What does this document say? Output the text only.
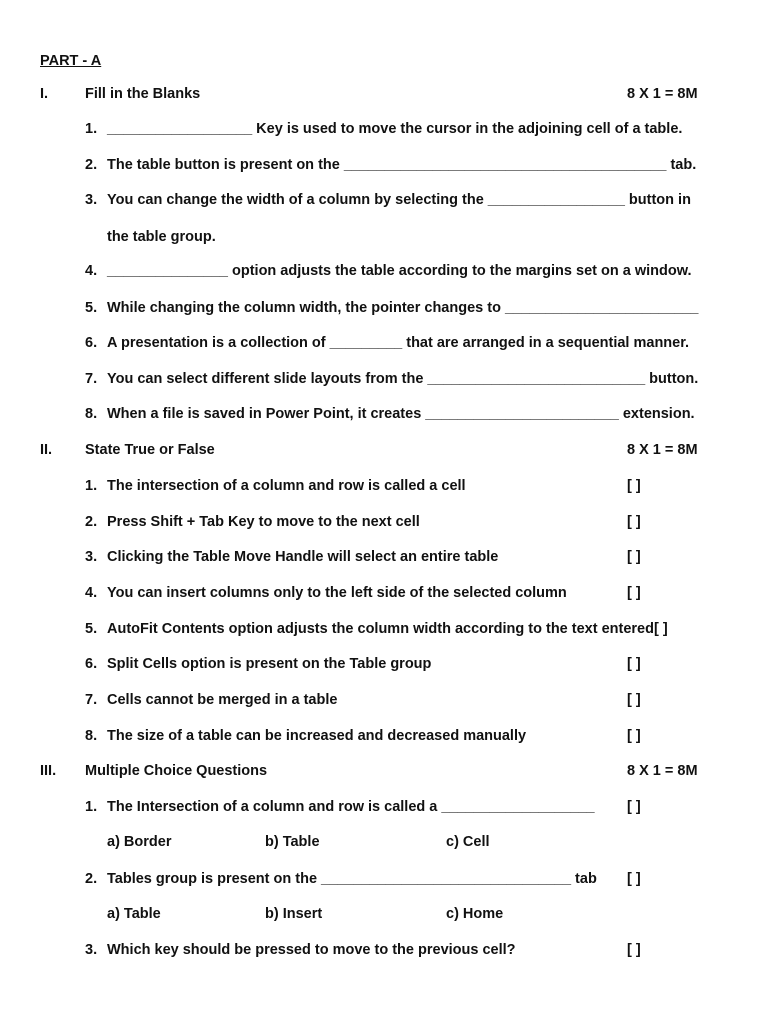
PART - A
I.	Fill in the Blanks	8 X 1 = 8M
1. __________________ Key is used to move the cursor in the adjoining cell of a table.
2. The table button is present on the ________________________________________ tab.
3. You can change the width of a column by selecting the _________________ button in
the table group.
4. _______________ option adjusts the table according to the margins set on a window.
5. While changing the column width, the pointer changes to ________________________
6. A presentation is a collection of _________ that are arranged in a sequential manner.
7. You can select different slide layouts from the ___________________________ button.
8. When a file is saved in Power Point, it creates ________________________ extension.
II. State True or False	8 X 1 = 8M
1. The intersection of a column and row is called a cell	[ ]
2. Press Shift + Tab Key to move to the next cell	[ ]
3. Clicking the Table Move Handle will select an entire table	[ ]
4. You can insert columns only to the left side of the selected column	[ ]
5. AutoFit Contents option adjusts the column width according to the text entered[ ]
6. Split Cells option is present on the Table group	[ ]
7. Cells cannot be merged in a table	[ ]
8. The size of a table can be increased and decreased manually	[ ]
III. Multiple Choice Questions	8 X 1 = 8M
1. The Intersection of a column and row is called a ___________________ [ ]
a) Border	b) Table	c) Cell
2. Tables group is present on the _______________________________ tab [ ]
a) Table	b) Insert	c) Home
3. Which key should be pressed to move to the previous cell?	[ ]
